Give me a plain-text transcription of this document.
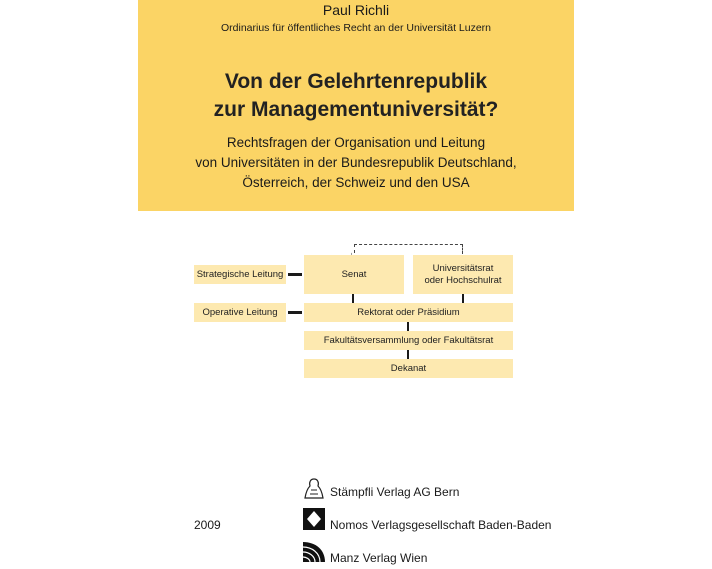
Paul Richli
Ordinarius für öffentliches Recht an der Universität Luzern
Von der Gelehrtenrepublik
zur Managementuniversität?
Rechtsfragen der Organisation und Leitung
von Universitäten in der Bundesrepublik Deutschland,
Österreich, der Schweiz und den USA
Strategische Leitung	Senat
Universitätsrat
oder Hochschulrat
Operative Leitung	Rektorat oder Präsidium
Fakultätsversammlung oder Fakultätsrat
Dekanat
2009
Stämpfli Verlag AG Bern
Nomos Verlagsgesellschaft Baden-Baden
Manz Verlag Wien
